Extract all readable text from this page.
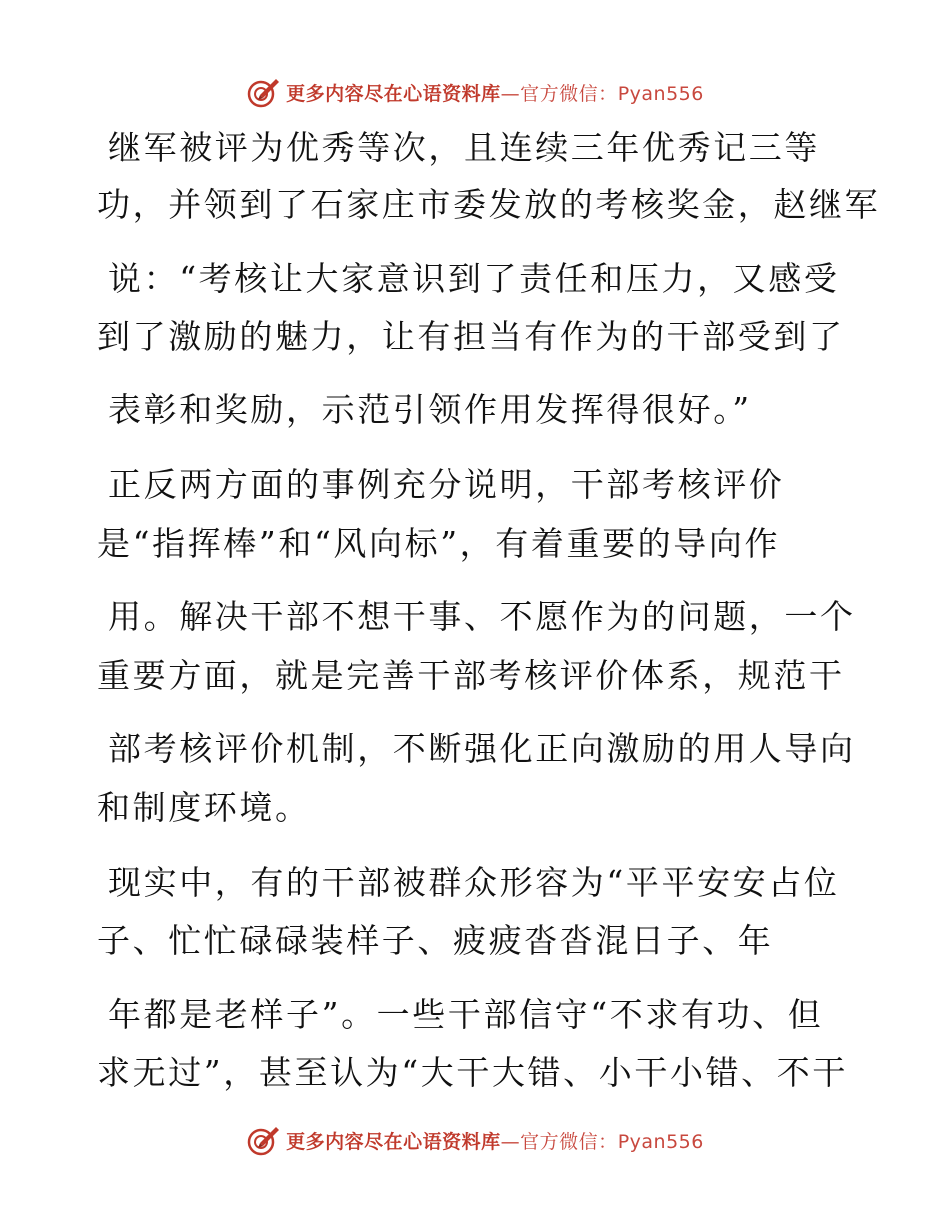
更多内容尽在心语资料库—官方微信：Pyan556
继军被评为优秀等次，且连续三年优秀记三等
功，并领到了石家庄市委发放的考核奖金，赵继军
说：“考核让大家意识到了责任和压力，又感受
到了激励的魅力，让有担当有作为的干部受到了
表彰和奖励，示范引领作用发挥得很好。”
正反两方面的事例充分说明，干部考核评价
是“指挥棒”和“风向标”，有着重要的导向作
用。解决干部不想干事、不愿作为的问题，一个
重要方面，就是完善干部考核评价体系，规范干
部考核评价机制，不断强化正向激励的用人导向
和制度环境。
现实中，有的干部被群众形容为“平平安安占位
子、忙忙碌碌装样子、疲疲沓沓混日子、年
年都是老样子”。一些干部信守“不求有功、但
求无过”，甚至认为“大干大错、小干小错、不干
更多内容尽在心语资料库—官方微信：Pyan556
